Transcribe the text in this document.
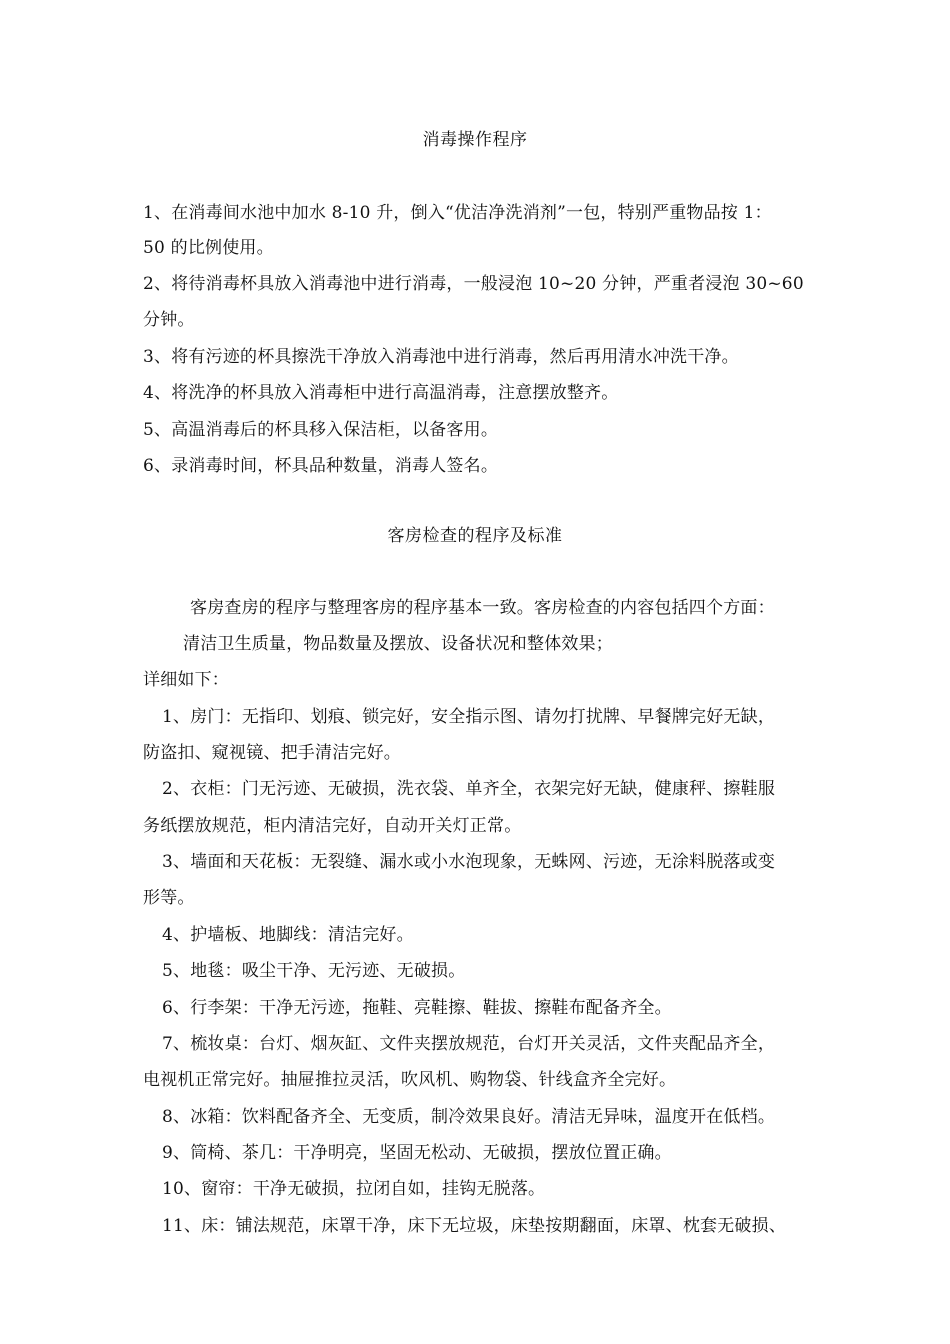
消毒操作程序
1、在消毒间水池中加水 8-10 升，倒入“优洁净洗消剂”一包，特别严重物品按 1：
50 的比例使用。
2、将待消毒杯具放入消毒池中进行消毒，一般浸泡 10~20 分钟，严重者浸泡 30~60
分钟。
3、将有污迹的杯具擦洗干净放入消毒池中进行消毒，然后再用清水冲洗干净。
4、将洗净的杯具放入消毒柜中进行高温消毒，注意摆放整齐。
5、高温消毒后的杯具移入保洁柜，以备客用。
6、录消毒时间，杯具品种数量，消毒人签名。
客房检查的程序及标准
客房查房的程序与整理客房的程序基本一致。客房检查的内容包括四个方面：
清洁卫生质量，物品数量及摆放、设备状况和整体效果；
详细如下：
1、房门：无指印、划痕、锁完好，安全指示图、请勿打扰牌、早餐牌完好无缺，
防盗扣、窥视镜、把手清洁完好。
2、衣柜：门无污迹、无破损，洗衣袋、单齐全，衣架完好无缺，健康秤、擦鞋服
务纸摆放规范，柜内清洁完好，自动开关灯正常。
3、墙面和天花板：无裂缝、漏水或小水泡现象，无蛛网、污迹，无涂料脱落或变
形等。
4、护墙板、地脚线：清洁完好。
5、地毯：吸尘干净、无污迹、无破损。
6、行李架：干净无污迹，拖鞋、亮鞋擦、鞋拔、擦鞋布配备齐全。
7、梳妆桌：台灯、烟灰缸、文件夹摆放规范，台灯开关灵活，文件夹配品齐全，
电视机正常完好。抽屉推拉灵活，吹风机、购物袋、针线盒齐全完好。
8、冰箱：饮料配备齐全、无变质，制冷效果良好。清洁无异味，温度开在低档。
9、筒椅、茶几：干净明亮，坚固无松动、无破损，摆放位置正确。
10、窗帘：干净无破损，拉闭自如，挂钩无脱落。
11、床：铺法规范，床罩干净，床下无垃圾，床垫按期翻面，床罩、枕套无破损、
